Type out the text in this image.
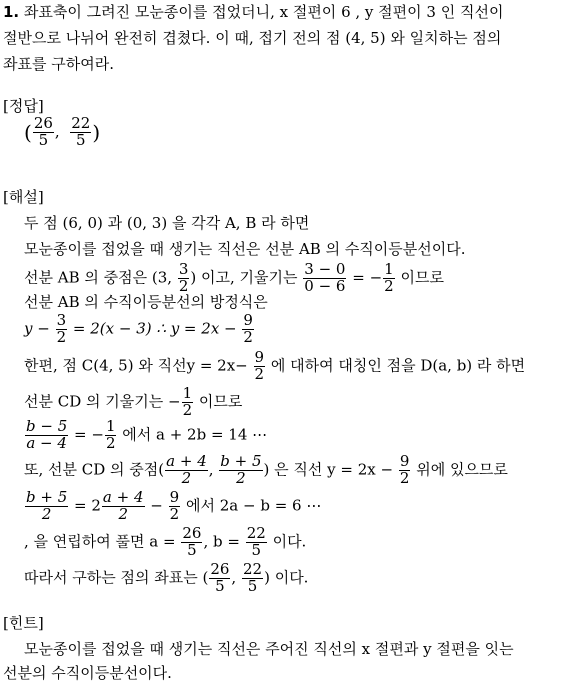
1. 좌표축이 그려진 모눈종이를 접었더니, x 절편이 6 , y 절편이 3 인 직선이
절반으로 나뉘어 완전히 겹쳤다. 이 때, 접기 전의 점 (4, 5) 와 일치하는 점의
좌표를 구하여라.
[정답]
( $\frac{26}{5}$ , $\frac{22}{5}$ )
[해설]
두 점 (6, 0) 과 (0, 3) 을 각각 A, B 라 하면
모눈종이를 접었을 때 생기는 직선은 선분 AB 의 수직이등분선이다.
선분 AB 의 중점은 (3, $\frac{3}{2}$ ) 이고, 기울기는 $\frac{3 - 0}{0 - 6}$ = − $\frac{1}{2}$ 이므로
선분 AB 의 수직이등분선의 방정식은
$y - \frac{3}{2} = 2(x - 3)$ ∴ $y = 2x - \frac{9}{2}$
한편, 점 C(4, 5) 와 직선$y = 2x- \frac{9}{2}$ 에 대하여 대칭인 점을 D(a, b) 라 하면
선분 CD 의 기울기는 − $\frac{1}{2}$ 이므로
$\frac{b - 5}{a - 4}$ = − $\frac{1}{2}$ 에서 a + 2b = 14 ⋯
또, 선분 CD 의 중점( $\frac{a + 4}{2}$ , $\frac{b + 5}{2}$ ) 은 직선 $y = 2x - \frac{9}{2}$ 위에 있으므로
$\frac{b + 5}{2} = 2 \frac{a + 4}{2} - \frac{9}{2}$ 에서 2a − b = 6 ⋯
, 을 연립하여 풀면 $a = \frac{26}{5}$ , $b = \frac{22}{5}$ 이다.
따라서 구하는 점의 좌표는 ( $\frac{26}{5}$ , $\frac{22}{5}$ ) 이다.
[힌트]
모눈종이를 접었을 때 생기는 직선은 주어진 직선의 x 절편과 y 절편을 잇는
선분의 수직이등분선이다.
